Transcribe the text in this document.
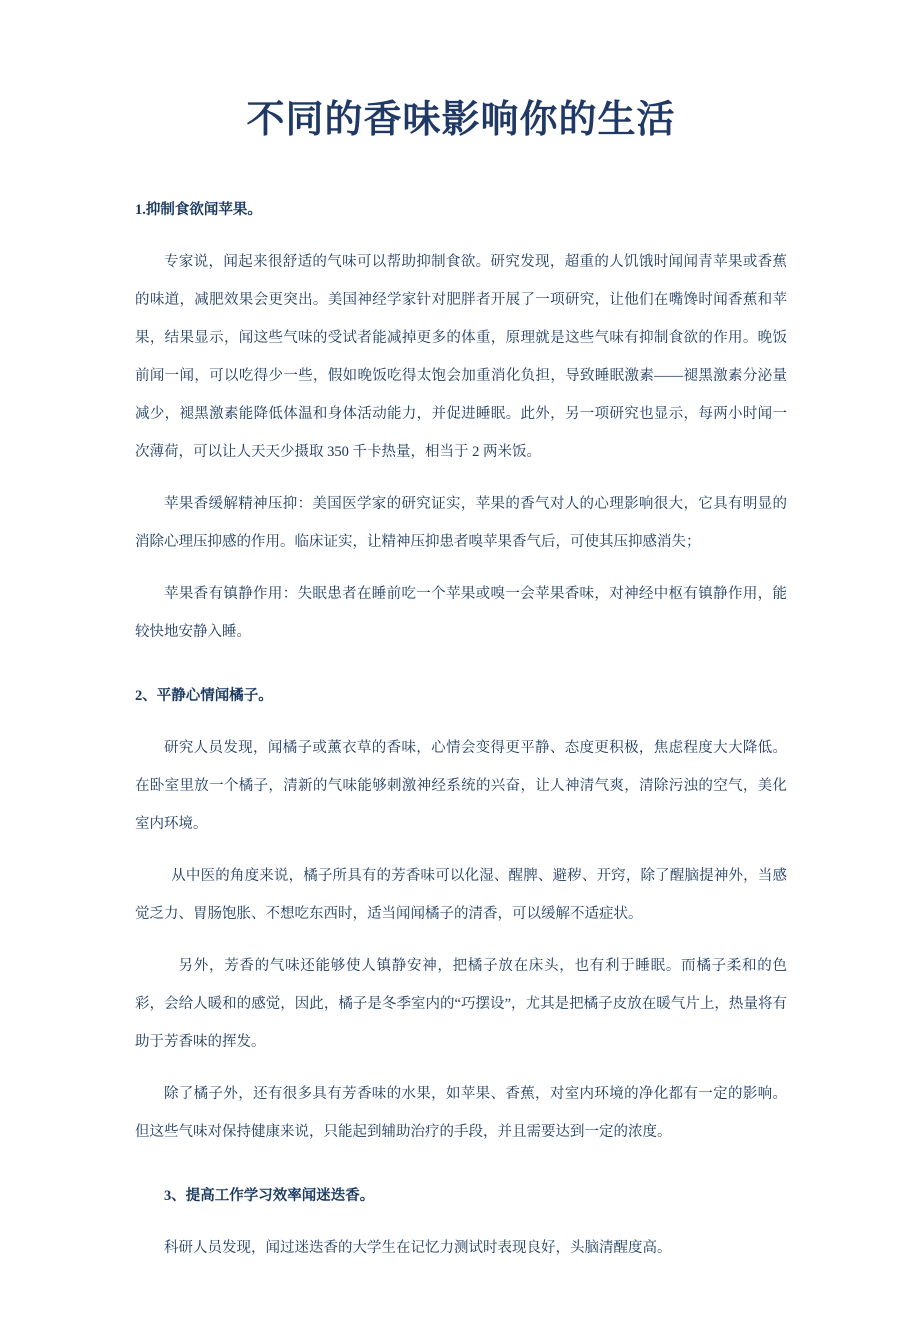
不同的香味影响你的生活

1.抑制食欲闻苹果。

专家说，闻起来很舒适的气味可以帮助抑制食欲。研究发现，超重的人饥饿时闻闻青苹果或香蕉的味道，减肥效果会更突出。美国神经学家针对肥胖者开展了一项研究，让他们在嘴馋时闻香蕉和苹果，结果显示，闻这些气味的受试者能减掉更多的体重，原理就是这些气味有抑制食欲的作用。晚饭前闻一闻，可以吃得少一些，假如晚饭吃得太饱会加重消化负担，导致睡眠激素——褪黑激素分泌量减少，褪黑激素能降低体温和身体活动能力，并促进睡眠。此外，另一项研究也显示，每两小时闻一次薄荷，可以让人天天少摄取 350 千卡热量，相当于 2 两米饭。

苹果香缓解精神压抑：美国医学家的研究证实，苹果的香气对人的心理影响很大，它具有明显的消除心理压抑感的作用。临床证实，让精神压抑患者嗅苹果香气后，可使其压抑感消失；

苹果香有镇静作用：失眠患者在睡前吃一个苹果或嗅一会苹果香味，对神经中枢有镇静作用，能较快地安静入睡。

2、平静心情闻橘子。

研究人员发现，闻橘子或薰衣草的香味，心情会变得更平静、态度更积极，焦虑程度大大降低。在卧室里放一个橘子，清新的气味能够刺激神经系统的兴奋，让人神清气爽，清除污浊的空气，美化室内环境。

从中医的角度来说，橘子所具有的芳香味可以化湿、醒脾、避秽、开窍，除了醒脑提神外，当感觉乏力、胃肠饱胀、不想吃东西时，适当闻闻橘子的清香，可以缓解不适症状。

另外，芳香的气味还能够使人镇静安神，把橘子放在床头，也有利于睡眠。而橘子柔和的色彩，会给人暖和的感觉，因此，橘子是冬季室内的“巧摆设”，尤其是把橘子皮放在暖气片上，热量将有助于芳香味的挥发。

除了橘子外，还有很多具有芳香味的水果，如苹果、香蕉，对室内环境的净化都有一定的影响。但这些气味对保持健康来说，只能起到辅助治疗的手段，并且需要达到一定的浓度。

3、提高工作学习效率闻迷迭香。

科研人员发现，闻过迷迭香的大学生在记忆力测试时表现良好，头脑清醒度高。
